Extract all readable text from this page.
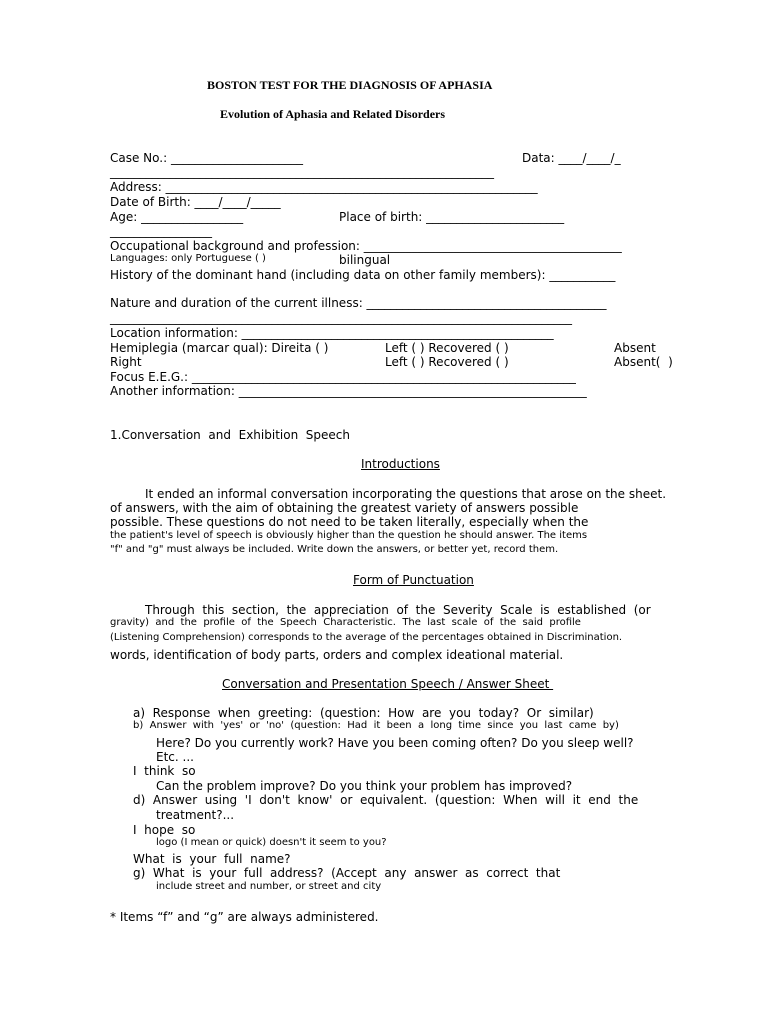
BOSTON TEST FOR THE DIAGNOSIS OF APHASIA
Evolution of Aphasia and Related Disorders
Case No.: ______________________	Data: ____/____/_
________________________________________________________________
Address: ______________________________________________________________
Date of Birth: ____/____/_____
Age: _________________	Place of birth: _______________________
_________________
Occupational background and profession: ___________________________________________
Languages: only Portuguese ( )	bilingual
History of the dominant hand (including data on other family members): ___________
Nature and duration of the current illness: ________________________________________
_____________________________________________________________________________
Location information: ____________________________________________________
Hemiplegia (marcar qual): Direita ( )	Left ( ) Recovered ( )	Absent
Right	Left ( ) Recovered ( )	Absent(  )
Focus E.E.G.: ________________________________________________________________
Another information: __________________________________________________________
1.Conversation  and  Exhibition  Speech
Introductions
It ended an informal conversation incorporating the questions that arose on the sheet.
of answers, with the aim of obtaining the greatest variety of answers possible
possible. These questions do not need to be taken literally, especially when the
the patient's level of speech is obviously higher than the question he should answer. The items
"f" and "g" must always be included. Write down the answers, or better yet, record them.
Form of Punctuation
Through  this  section,  the  appreciation  of  the  Severity  Scale  is  established  (or
gravity)  and  the  profile  of  the  Speech  Characteristic.  The  last  scale  of  the  said  profile
(Listening Comprehension) corresponds to the average of the percentages obtained in Discrimination.
words, identification of body parts, orders and complex ideational material.
Conversation and Presentation Speech / Answer Sheet
a)  Response  when  greeting:  (question:  How  are  you  today?  Or  similar)
b)  Answer  with  'yes'  or  'no'  (question:  Had  it  been  a  long  time  since  you  last  came  by)
Here? Do you currently work? Have you been coming often? Do you sleep well?
Etc. ...
I  think  so
Can the problem improve? Do you think your problem has improved?
d)  Answer  using  'I  don't  know'  or  equivalent.  (question:  When  will  it  end  the
treatment?...
I  hope  so
logo (I mean or quick) doesn't it seem to you?
What  is  your  full  name?
g)  What  is  your  full  address?  (Accept  any  answer  as  correct  that
include street and number, or street and city
* Items “f” and “g” are always administered.
